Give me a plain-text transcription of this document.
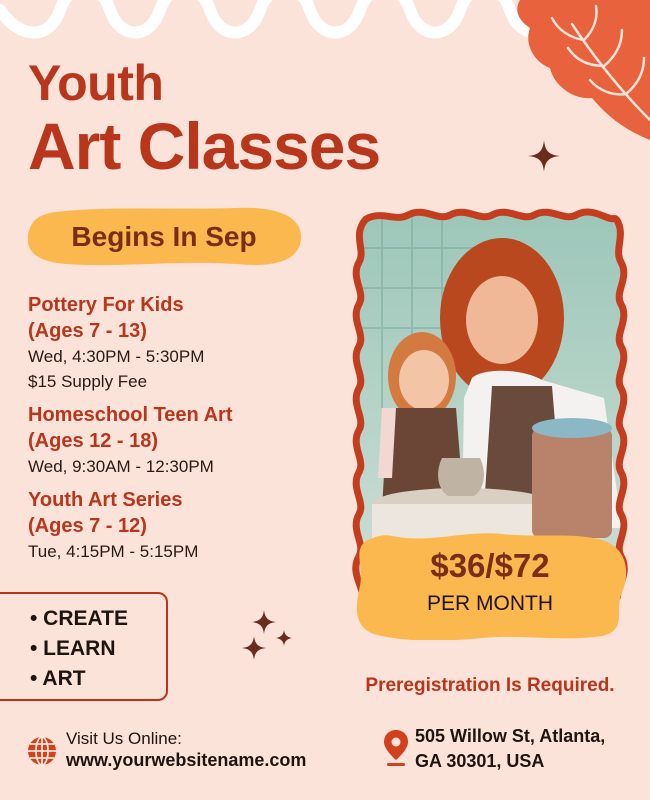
Youth
Art Classes
Begins In Sep
Pottery For Kids
(Ages 7 - 13)
Wed, 4:30PM - 5:30PM
$15 Supply Fee
Homeschool Teen Art
(Ages 12 - 18)
Wed, 9:30AM - 12:30PM
Youth Art Series
(Ages 7 - 12)
Tue, 4:15PM - 5:15PM
• CREATE
• LEARN
• ART
$36/$72
PER MONTH
Preregistration Is Required.
Visit Us Online:
www.yourwebsitename.com
505 Willow St, Atlanta,
GA 30301, USA
